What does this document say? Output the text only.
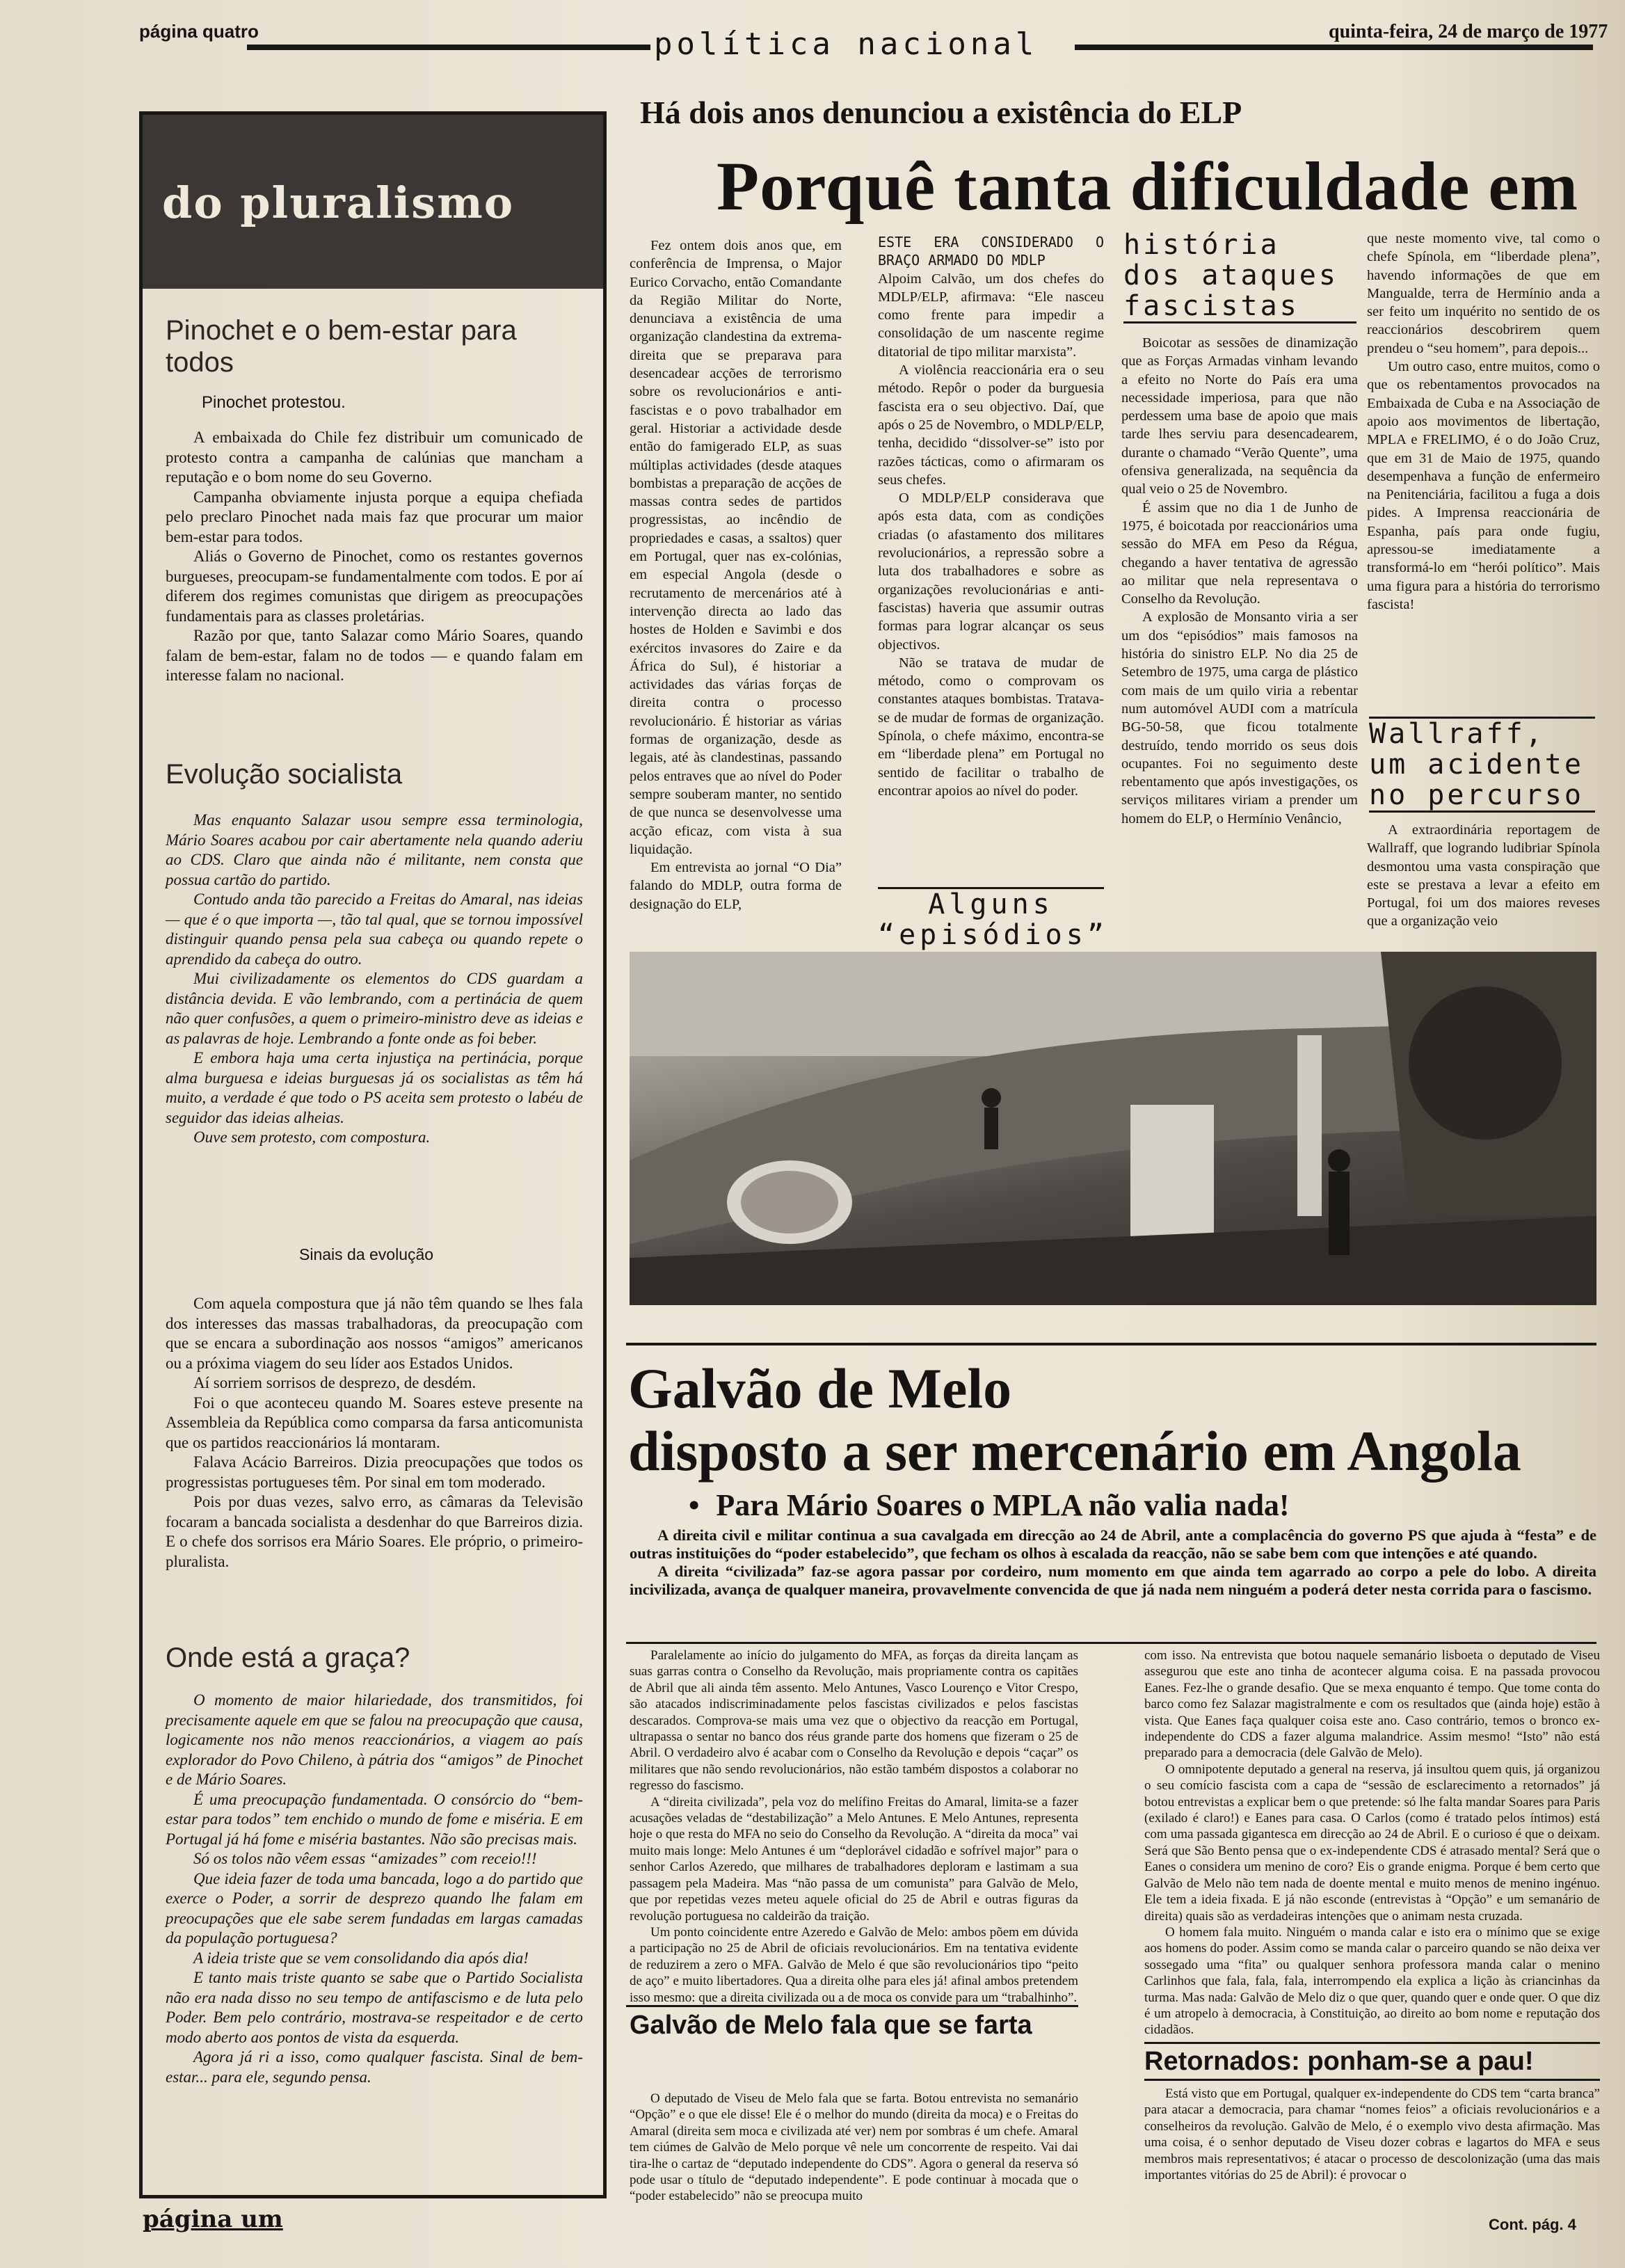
página quatro	política nacional	quinta-feira, 24 de março de 1977
do pluralismo
Pinochet e o bem-estar para todos
Pinochet protestou.

A embaixada do Chile fez distribuir um comunicado de protesto contra a campanha de calúnias que mancham a reputação e o bom nome do seu Governo.

Campanha obviamente injusta porque a equipa chefiada pelo preclaro Pinochet nada mais faz que procurar um maior bem-estar para todos.

Aliás o Governo de Pinochet, como os restantes governos burgueses, preocupam-se fundamentalmente com todos. E por aí diferem dos regimes comunistas que dirigem as preocupações fundamentais para as classes proletárias.

Razão por que, tanto Salazar como Mário Soares, quando falam de bem-estar, falam no de todos — e quando falam em interesse falam no nacional.

Evolução socialista

Mas enquanto Salazar usou sempre essa terminologia, Mário Soares acabou por cair abertamente nela quando aderiu ao CDS. Claro que ainda não é militante, nem consta que possua cartão do partido.

Contudo anda tão parecido a Freitas do Amaral, nas ideias — que é o que importa —, tão tal qual, que se tornou impossível distinguir quando pensa pela sua cabeça ou quando repete o aprendido da cabeça do outro.

Mui civilizadamente os elementos do CDS guardam a distância devida. E vão lembrando, com a pertinácia de quem não quer confusões, a quem o primeiro-ministro deve as ideias e as palavras de hoje. Lembrando a fonte onde as foi beber.

E embora haja uma certa injustiça na pertinácia, porque alma burguesa e ideias burguesas já os socialistas as têm há muito, a verdade é que todo o PS aceita sem protesto o labéu de seguidor das ideias alheias.

Ouve sem protesto, com compostura.

Sinais da evolução

Com aquela compostura que já não têm quando se lhes fala dos interesses das massas trabalhadoras, da preocupação com que se encara a subordinação aos nossos “amigos” americanos ou a próxima viagem do seu líder aos Estados Unidos.

Aí sorriem sorrisos de desprezo, de desdém.

Foi o que aconteceu quando M. Soares esteve presente na Assembleia da República como comparsa da farsa anticomunista que os partidos reaccionários lá montaram.

Falava Acácio Barreiros. Dizia preocupações que todos os progressistas portugueses têm. Por sinal em tom moderado.

Pois por duas vezes, salvo erro, as câmaras da Televisão focaram a bancada socialista a desdenhar do que Barreiros dizia. E o chefe dos sorrisos era Mário Soares. Ele próprio, o primeiro-pluralista.

Onde está a graça?

O momento de maior hilariedade, dos transmitidos, foi precisamente aquele em que se falou na preocupação que causa, logicamente nos não menos reaccionários, a viagem ao país explorador do Povo Chileno, à pátria dos “amigos” de Pinochet e de Mário Soares.

É uma preocupação fundamentada. O consórcio do “bem-estar para todos” tem enchido o mundo de fome e miséria. E em Portugal já há fome e miséria bastantes. Não são precisas mais.

Só os tolos não vêem essas “amizades” com receio!!!

Que ideia fazer de toda uma bancada, logo a do partido que exerce o Poder, a sorrir de desprezo quando lhe falam em preocupações que ele sabe serem fundadas em largas camadas da população portuguesa?

A ideia triste que se vem consolidando dia após dia!

E tanto mais triste quanto se sabe que o Partido Socialista não era nada disso no seu tempo de antifascismo e de luta pelo Poder. Bem pelo contrário, mostrava-se respeitador e de certo modo aberto aos pontos de vista da esquerda.

Agora já ri a isso, como qualquer fascista. Sinal de bem-estar... para ele, segundo pensa.

página um
Há dois anos denunciou a existência do ELP
Porquê tanta dificuldade em

Fez ontem dois anos que, em conferência de Imprensa, o Major Eurico Corvacho, então Comandante da Região Militar do Norte, denunciava a existência de uma organização clandestina da extrema-direita que se preparava para desencadear acções de terrorismo sobre os revolucionários e anti-fascistas e o povo trabalhador em geral. Historiar a actividade desde então do famigerado ELP, as suas múltiplas actividades (desde ataques bombistas a preparação de acções de massas contra sedes de partidos progressistas, ao incêndio de propriedades e casas, a ssaltos) quer em Portugal, quer nas ex-colónias, em especial Angola (desde o recrutamento de mercenários até à intervenção directa ao lado das hostes de Holden e Savimbi e dos exércitos invasores do Zaire e da África do Sul), é historiar a actividades das várias forças de direita contra o processo revolucionário. É historiar as várias formas de organização, desde as legais, até às clandestinas, passando pelos entraves que ao nível do Poder sempre souberam manter, no sentido de que nunca se desenvolvesse uma acção eficaz, com vista à sua liquidação.

Em entrevista ao jornal “O Dia” falando do MDLP, outra forma de designação do ELP,

ESTE ERA CONSIDERADO O BRAÇO ARMADO DO MDLP

Alpoim Calvão, um dos chefes do MDLP/ELP, afirmava: “Ele nasceu como frente para impedir a consolidação de um nascente regime ditatorial de tipo militar marxista”.

A violência reaccionária era o seu método. Repôr o poder da burguesia fascista era o seu objectivo. Daí, que após o 25 de Novembro, o MDLP/ELP, tenha, decidido “dissolver-se” isto por razões tácticas, como o afirmaram os seus chefes.

O MDLP/ELP considerava que após esta data, com as condições criadas (o afastamento dos militares revolucionários, a repressão sobre a luta dos trabalhadores e sobre as organizações revolucionárias e anti-fascistas) haveria que assumir outras formas para lograr alcançar os seus objectivos.

Não se tratava de mudar de método, como o comprovam os constantes ataques bombistas. Tratava-se de mudar de formas de organização. Spínola, o chefe máximo, encontra-se em “liberdade plena” em Portugal no sentido de facilitar o trabalho de encontrar apoios ao nível do poder.

Alguns “episódios”
história dos ataques fascistas

Boicotar as sessões de dinamização que as Forças Armadas vinham levando a efeito no Norte do País era uma necessidade imperiosa, para que não perdessem uma base de apoio que mais tarde lhes serviu para desencadearem, durante o chamado “Verão Quente”, uma ofensiva generalizada, na sequência da qual veio o 25 de Novembro.

É assim que no dia 1 de Junho de 1975, é boicotada por reaccionários uma sessão do MFA em Peso da Régua, chegando a haver tentativa de agressão ao militar que nela representava o Conselho da Revolução.

A explosão de Monsanto viria a ser um dos “episódios” mais famosos na história do sinistro ELP. No dia 25 de Setembro de 1975, uma carga de plástico com mais de um quilo viria a rebentar num automóvel AUDI com a matrícula BG-50-58, que ficou totalmente destruído, tendo morrido os seus dois ocupantes. Foi no seguimento deste rebentamento que após investigações, os serviços militares viriam a prender um homem do ELP, o Hermínio Venâncio,

que neste momento vive, tal como o chefe Spínola, em “liberdade plena”, havendo informações de que em Mangualde, terra de Hermínio anda a ser feito um inquérito no sentido de os reaccionários descobrirem quem prendeu o “seu homem”, para depois...

Um outro caso, entre muitos, como o que os rebentamentos provocados na Embaixada de Cuba e na Associação de apoio aos movimentos de libertação, MPLA e FRELIMO, é o do João Cruz, que em 31 de Maio de 1975, quando desempenhava a função de enfermeiro na Penitenciária, facilitou a fuga a dois pides. A Imprensa reaccionária de Espanha, país para onde fugiu, apressou-se imediatamente a transformá-lo em “herói político”. Mais uma figura para a história do terrorismo fascista!

Wallraff, um acidente no percurso

A extraordinária reportagem de Wallraff, que logrando ludibriar Spínola desmontou uma vasta conspiração que este se prestava a levar a efeito em Portugal, foi um dos maiores reveses que a organização veio

Galvão de Melo
disposto a ser mercenário em Angola
• Para Mário Soares o MPLA não valia nada!

A direita civil e militar continua a sua cavalgada em direcção ao 24 de Abril, ante a complacência do governo PS que ajuda à “festa” e de outras instituições do “poder estabelecido”, que fecham os olhos à escalada da reacção, não se sabe bem com que intenções e até quando.

A direita “civilizada” faz-se agora passar por cordeiro, num momento em que ainda tem agarrado ao corpo a pele do lobo. A direita incivilizada, avança de qualquer maneira, provavelmente convencida de que já nada nem ninguém a poderá deter nesta corrida para o fascismo.

Paralelamente ao início do julgamento do MFA, as forças da direita lançam as suas garras contra o Conselho da Revolução, mais propriamente contra os capitães de Abril que ali ainda têm assento. Melo Antunes, Vasco Lourenço e Vitor Crespo, são atacados indiscriminadamente pelos fascistas civilizados e pelos fascistas descarados. Comprova-se mais uma vez que o objectivo da reacção em Portugal, ultrapassa o sentar no banco dos réus grande parte dos homens que fizeram o 25 de Abril. O verdadeiro alvo é acabar com o Conselho da Revolução e depois “caçar” os militares que não sendo revolucionários, não estão também dispostos a colaborar no regresso do fascismo.

A “direita civilizada”, pela voz do melífino Freitas do Amaral, limita-se a fazer acusações veladas de “destabilização” a Melo Antunes. E Melo Antunes, representa hoje o que resta do MFA no seio do Conselho da Revolução. A “direita da moca” vai muito mais longe: Melo Antunes é um “deplorável cidadão e sofrível major” para o senhor Carlos Azeredo, que milhares de trabalhadores deploram e lastimam a sua passagem pela Madeira. Mas “não passa de um comunista” para Galvão de Melo, que por repetidas vezes meteu aquele oficial do 25 de Abril e outras figuras da revolução portuguesa no caldeirão da traição.

Um ponto coincidente entre Azeredo e Galvão de Melo: ambos põem em dúvida a participação no 25 de Abril de oficiais revolucionários. Em na tentativa evidente de reduzirem a zero o MFA. Galvão de Melo é que são revolucionários tipo “peito de aço” e muito libertadores. Qua a direita olhe para eles já! afinal ambos pretendem isso mesmo: que a direita civilizada ou a de moca os convide para um “trabalhinho”.

Galvão de Melo fala que se farta

O deputado de Viseu de Melo fala que se farta. Botou entrevista no semanário “Opção” e o que ele disse! Ele é o melhor do mundo (direita da moca) e o Freitas do Amaral (direita sem moca e civilizada até ver) nem por sombras é um chefe. Amaral tem ciúmes de Galvão de Melo porque vê nele um concorrente de respeito. Vai dai tira-lhe o cartaz de “deputado independente do CDS”. Agora o general da reserva só pode usar o título de “deputado independente”. E pode continuar à mocada que o “poder estabelecido” não se preocupa muito

com isso. Na entrevista que botou naquele semanário lisboeta o deputado de Viseu assegurou que este ano tinha de acontecer alguma coisa. E na passada provocou Eanes. Fez-lhe o grande desafio. Que se mexa enquanto é tempo. Que tome conta do barco como fez Salazar magistralmente e com os resultados que (ainda hoje) estão à vista. Que Eanes faça qualquer coisa este ano. Caso contrário, temos o bronco ex-independente do CDS a fazer alguma malandrice. Assim mesmo! “Isto” não está preparado para a democracia (dele Galvão de Melo).

O omnipotente deputado a general na reserva, já insultou quem quis, já organizou o seu comício fascista com a capa de “sessão de esclarecimento a retornados” já botou entrevistas a explicar bem o que pretende: só lhe falta mandar Soares para Paris (exilado é claro!) e Eanes para casa. O Carlos (como é tratado pelos íntimos) está com uma passada gigantesca em direcção ao 24 de Abril. E o curioso é que o deixam. Será que São Bento pensa que o ex-independente CDS é atrasado mental? Será que o Eanes o considera um menino de coro? Eis o grande enigma. Porque é bem certo que Galvão de Melo não tem nada de doente mental e muito menos de menino ingénuo. Ele tem a ideia fixada. E já não esconde (entrevistas à “Opção” e um semanário de direita) quais são as verdadeiras intenções que o animam nesta cruzada.

O homem fala muito. Ninguém o manda calar e isto era o mínimo que se exige aos homens do poder. Assim como se manda calar o parceiro quando se não deixa ver sossegado uma “fita” ou qualquer senhora professora manda calar o menino Carlinhos que fala, fala, fala, interrompendo ela explica a lição às criancinhas da turma. Mas nada: Galvão de Melo diz o que quer, quando quer e onde quer. O que diz é um atropelo à democracia, à Constituição, ao direito ao bom nome e reputação dos cidadãos.

Retornados: ponham-se a pau!

Está visto que em Portugal, qualquer ex-independente do CDS tem “carta branca” para atacar a democracia, para chamar “nomes feios” a oficiais revolucionários e a conselheiros da revolução. Galvão de Melo, é o exemplo vivo desta afirmação. Mas uma coisa, é o senhor deputado de Viseu dozer cobras e lagartos do MFA e seus membros mais representativos; é atacar o processo de descolonização (uma das mais importantes vitórias do 25 de Abril): é provocar o

Cont. pág. 4
